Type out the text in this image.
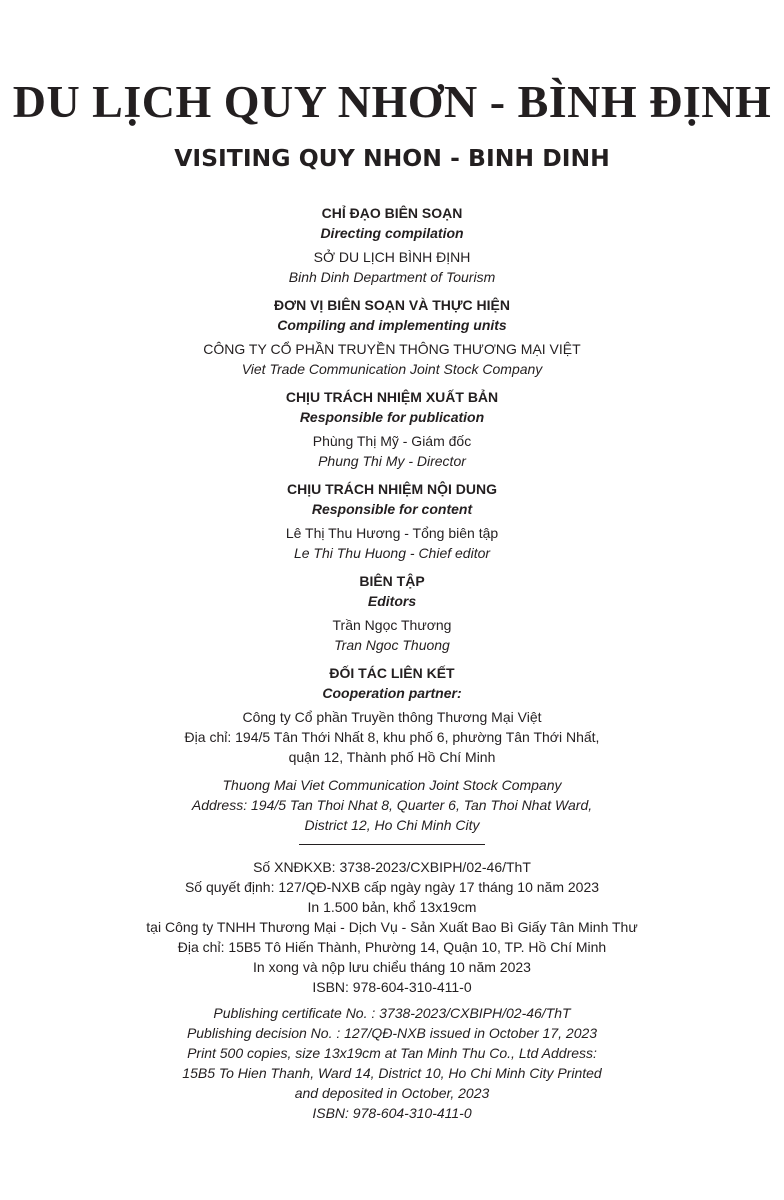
DU LỊCH QUY NHƠN - BÌNH ĐỊNH
VISITING QUY NHON - BINH DINH
CHỈ ĐẠO BIÊN SOẠN
Directing compilation
SỞ DU LỊCH BÌNH ĐỊNH
Binh Dinh Department of Tourism
ĐƠN VỊ BIÊN SOẠN VÀ THỰC HIỆN
Compiling and implementing units
CÔNG TY CỔ PHẦN TRUYỀN THÔNG THƯƠNG MẠI VIỆT
Viet Trade Communication Joint Stock Company
CHỊU TRÁCH NHIỆM XUẤT BẢN
Responsible for publication
Phùng Thị Mỹ - Giám đốc
Phung Thi My - Director
CHỊU TRÁCH NHIỆM NỘI DUNG
Responsible for content
Lê Thị Thu Hương - Tổng biên tập
Le Thi Thu Huong - Chief editor
BIÊN TẬP
Editors
Trần Ngọc Thương
Tran Ngoc Thuong
ĐỐI TÁC LIÊN KẾT
Cooperation partner:
Công ty Cổ phần Truyền thông Thương Mại Việt
Địa chỉ: 194/5 Tân Thới Nhất 8, khu phố 6, phường Tân Thới Nhất,
quận 12, Thành phố Hồ Chí Minh
Thuong Mai Viet Communication Joint Stock Company
Address: 194/5 Tan Thoi Nhat 8, Quarter 6, Tan Thoi Nhat Ward,
District 12, Ho Chi Minh City
Số XNĐKXB: 3738-2023/CXBIPH/02-46/ThT
Số quyết định: 127/QĐ-NXB cấp ngày ngày 17 tháng 10 năm 2023
In 1.500 bản, khổ 13x19cm
tại Công ty TNHH Thương Mại - Dịch Vụ - Sản Xuất Bao Bì Giấy Tân Minh Thư
Địa chỉ: 15B5 Tô Hiến Thành, Phường 14, Quận 10, TP. Hồ Chí Minh
In xong và nộp lưu chiểu tháng 10 năm 2023
ISBN: 978-604-310-411-0
Publishing certificate No. : 3738-2023/CXBIPH/02-46/ThT
Publishing decision No. : 127/QĐ-NXB issued in October 17, 2023
Print 500 copies, size 13x19cm at Tan Minh Thu Co., Ltd Address:
15B5 To Hien Thanh, Ward 14, District 10, Ho Chi Minh City Printed
and deposited in October, 2023
ISBN: 978-604-310-411-0
